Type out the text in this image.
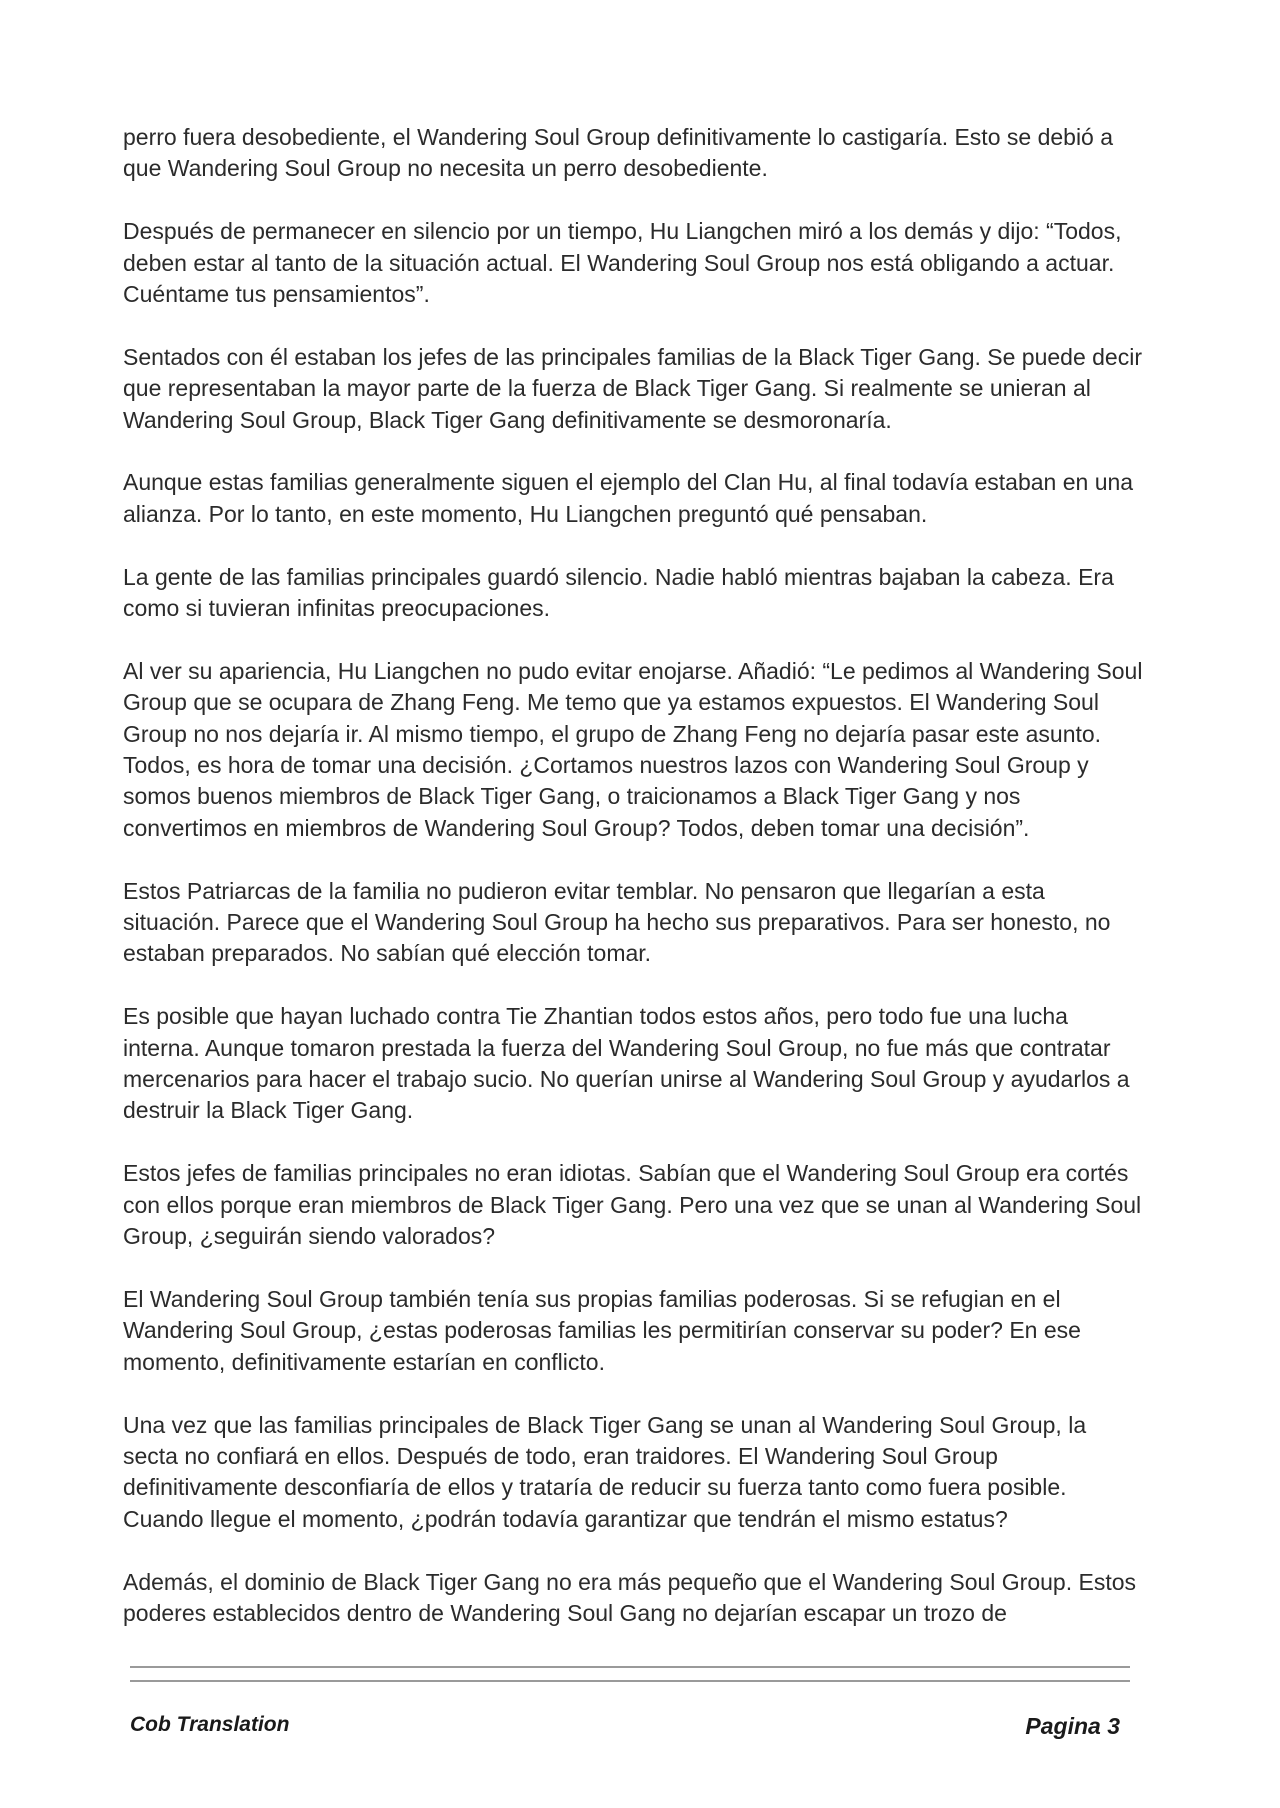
perro fuera desobediente, el Wandering Soul Group definitivamente lo castigaría. Esto se debió a que Wandering Soul Group no necesita un perro desobediente.

Después de permanecer en silencio por un tiempo, Hu Liangchen miró a los demás y dijo: “Todos, deben estar al tanto de la situación actual. El Wandering Soul Group nos está obligando a actuar. Cuéntame tus pensamientos”.

Sentados con él estaban los jefes de las principales familias de la Black Tiger Gang. Se puede decir que representaban la mayor parte de la fuerza de Black Tiger Gang. Si realmente se unieran al Wandering Soul Group, Black Tiger Gang definitivamente se desmoronaría.

Aunque estas familias generalmente siguen el ejemplo del Clan Hu, al final todavía estaban en una alianza. Por lo tanto, en este momento, Hu Liangchen preguntó qué pensaban.

La gente de las familias principales guardó silencio. Nadie habló mientras bajaban la cabeza. Era como si tuvieran infinitas preocupaciones.

Al ver su apariencia, Hu Liangchen no pudo evitar enojarse. Añadió: “Le pedimos al Wandering Soul Group que se ocupara de Zhang Feng. Me temo que ya estamos expuestos. El Wandering Soul Group no nos dejaría ir. Al mismo tiempo, el grupo de Zhang Feng no dejaría pasar este asunto. Todos, es hora de tomar una decisión. ¿Cortamos nuestros lazos con Wandering Soul Group y somos buenos miembros de Black Tiger Gang, o traicionamos a Black Tiger Gang y nos convertimos en miembros de Wandering Soul Group? Todos, deben tomar una decisión”.

Estos Patriarcas de la familia no pudieron evitar temblar. No pensaron que llegarían a esta situación. Parece que el Wandering Soul Group ha hecho sus preparativos. Para ser honesto, no estaban preparados. No sabían qué elección tomar.

Es posible que hayan luchado contra Tie Zhantian todos estos años, pero todo fue una lucha interna. Aunque tomaron prestada la fuerza del Wandering Soul Group, no fue más que contratar mercenarios para hacer el trabajo sucio. No querían unirse al Wandering Soul Group y ayudarlos a destruir la Black Tiger Gang.

Estos jefes de familias principales no eran idiotas. Sabían que el Wandering Soul Group era cortés con ellos porque eran miembros de Black Tiger Gang. Pero una vez que se unan al Wandering Soul Group, ¿seguirán siendo valorados?

El Wandering Soul Group también tenía sus propias familias poderosas. Si se refugian en el Wandering Soul Group, ¿estas poderosas familias les permitirían conservar su poder? En ese momento, definitivamente estarían en conflicto.

Una vez que las familias principales de Black Tiger Gang se unan al Wandering Soul Group, la secta no confiará en ellos. Después de todo, eran traidores. El Wandering Soul Group definitivamente desconfiaría de ellos y trataría de reducir su fuerza tanto como fuera posible. Cuando llegue el momento, ¿podrán todavía garantizar que tendrán el mismo estatus?

Además, el dominio de Black Tiger Gang no era más pequeño que el Wandering Soul Group. Estos poderes establecidos dentro de Wandering Soul Gang no dejarían escapar un trozo de

Cob Translation	Pagina 3
